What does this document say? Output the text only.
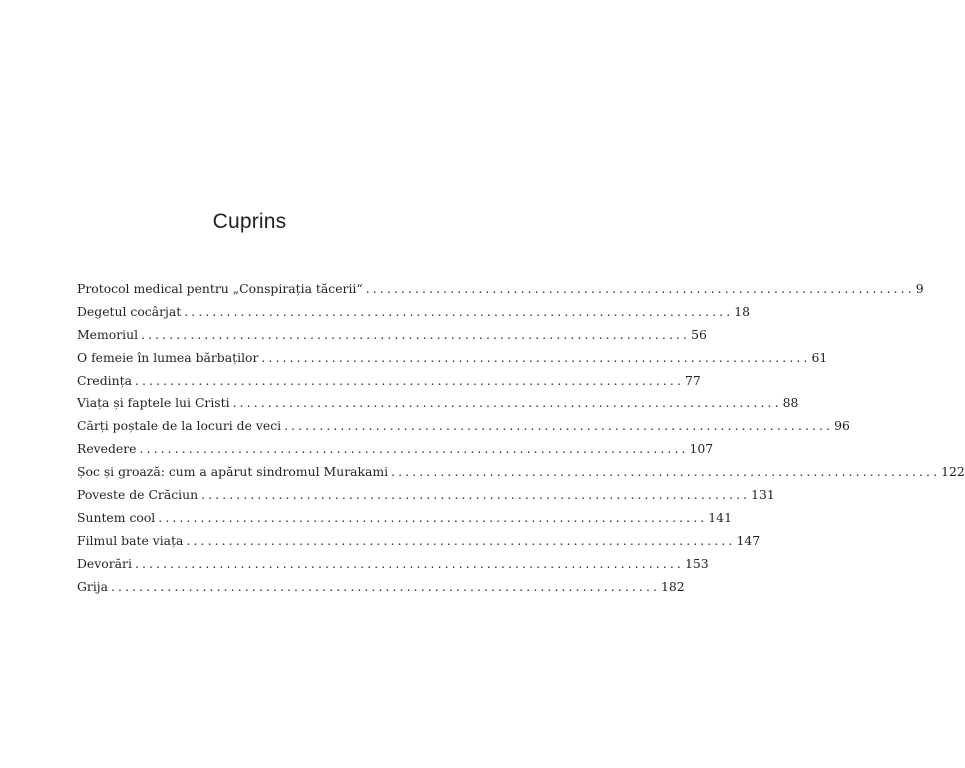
Cuprins
Protocol medical pentru „Conspirația tăcerii“ .............................................................................. 9
Degetul cocârjat .............................................................................. 18
Memoriul .............................................................................. 56
O femeie în lumea bărbaților .............................................................................. 61
Credința .............................................................................. 77
Viața și faptele lui Cristi .............................................................................. 88
Cărți poștale de la locuri de veci .............................................................................. 96
Revedere .............................................................................. 107
Șoc și groază: cum a apărut sindromul Murakami .............................................................................. 122
Poveste de Crăciun .............................................................................. 131
Suntem cool .............................................................................. 141
Filmul bate viața .............................................................................. 147
Devorări .............................................................................. 153
Grija .............................................................................. 182
